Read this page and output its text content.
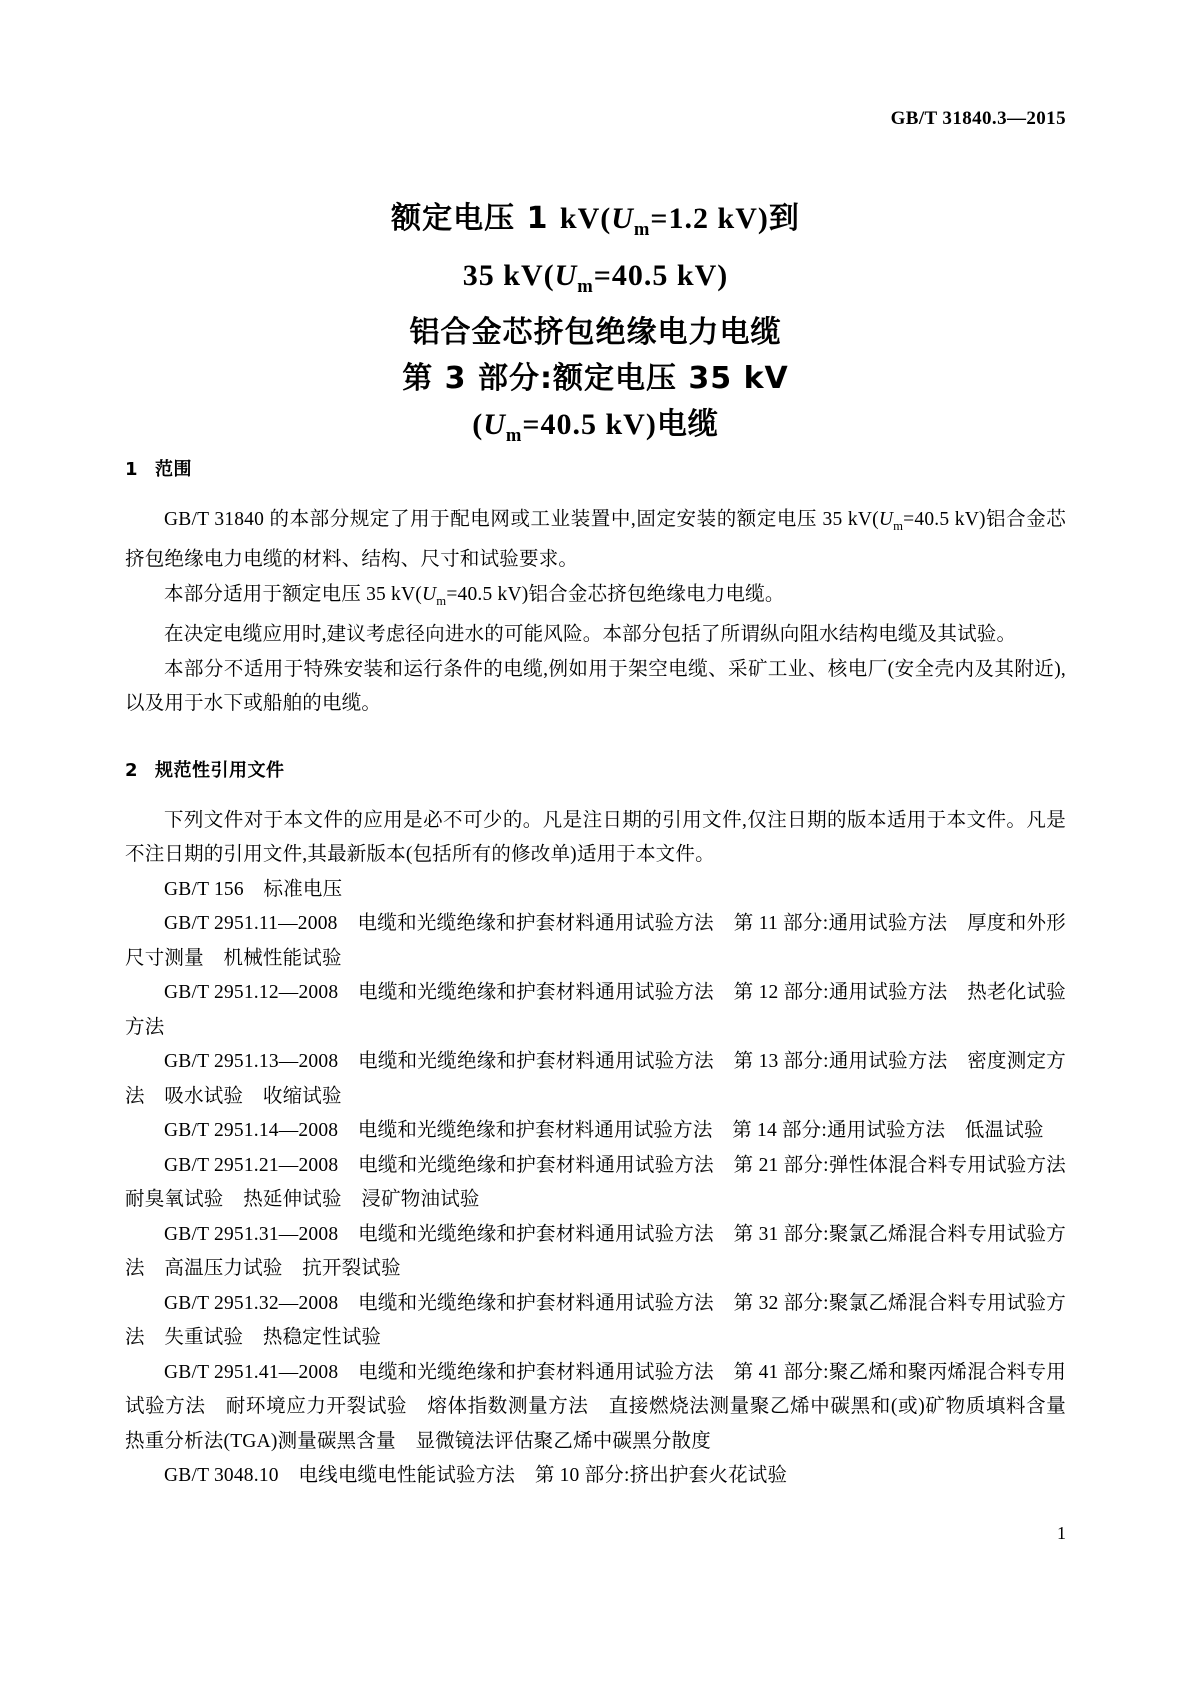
GB/T 31840.3—2015
额定电压 1 $kV(U_m=1.2$ kV)到
35 $kV(U_m=40.5$ kV)
铝合金芯挤包绝缘电力电缆
第 3 部分:额定电压 35 kV
($U_m=40.5$ kV)电缆
1 范围

GB/T 31840 的本部分规定了用于配电网或工业装置中,固定安装的额定电压 35 $kV(U_m=40.5$ kV)铝合金芯挤包绝缘电力电缆的材料、结构、尺寸和试验要求。

本部分适用于额定电压 35 $kV(U_m=40.5$ kV)铝合金芯挤包绝缘电力电缆。

在决定电缆应用时,建议考虑径向进水的可能风险。本部分包括了所谓纵向阻水结构电缆及其试验。

本部分不适用于特殊安装和运行条件的电缆,例如用于架空电缆、采矿工业、核电厂(安全壳内及其附近),以及用于水下或船舶的电缆。

2 规范性引用文件

下列文件对于本文件的应用是必不可少的。凡是注日期的引用文件,仅注日期的版本适用于本文件。凡是不注日期的引用文件,其最新版本(包括所有的修改单)适用于本文件。

GB/T 156　标准电压

GB/T 2951.11—2008　电缆和光缆绝缘和护套材料通用试验方法　第 11 部分:通用试验方法　厚度和外形尺寸测量　机械性能试验

GB/T 2951.12—2008　电缆和光缆绝缘和护套材料通用试验方法　第 12 部分:通用试验方法　热老化试验方法

GB/T 2951.13—2008　电缆和光缆绝缘和护套材料通用试验方法　第 13 部分:通用试验方法　密度测定方法　吸水试验　收缩试验

GB/T 2951.14—2008　电缆和光缆绝缘和护套材料通用试验方法　第 14 部分:通用试验方法　低温试验

GB/T 2951.21—2008　电缆和光缆绝缘和护套材料通用试验方法　第 21 部分:弹性体混合料专用试验方法　耐臭氧试验　热延伸试验　浸矿物油试验

GB/T 2951.31—2008　电缆和光缆绝缘和护套材料通用试验方法　第 31 部分:聚氯乙烯混合料专用试验方法　高温压力试验　抗开裂试验

GB/T 2951.32—2008　电缆和光缆绝缘和护套材料通用试验方法　第 32 部分:聚氯乙烯混合料专用试验方法　失重试验　热稳定性试验

GB/T 2951.41—2008　电缆和光缆绝缘和护套材料通用试验方法　第 41 部分:聚乙烯和聚丙烯混合料专用试验方法　耐环境应力开裂试验　熔体指数测量方法　直接燃烧法测量聚乙烯中碳黑和(或)矿物质填料含量　热重分析法(TGA)测量碳黑含量　显微镜法评估聚乙烯中碳黑分散度

GB/T 3048.10　电线电缆电性能试验方法　第 10 部分:挤出护套火花试验

1
